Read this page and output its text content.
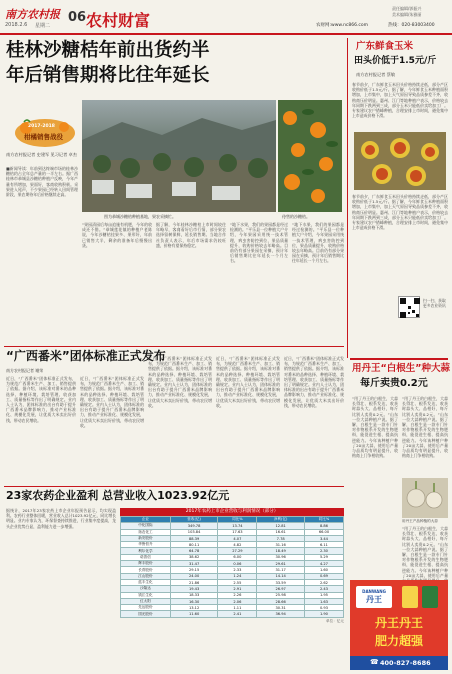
南方农村报
2018.2.6 星期二
06 农村财富
责任编辑/郭振兴
美术编辑/朱雅丽
农财网:www.nc866.com	热线：020-83003400
桂林沙糖桔年前出货约半
年后销售期将比往年延长
2017-2018
柑橘销售战役
图为恭城沙糖桔种植基地，果农采摘忙。	待售的沙糖桔。
南方农村报记者 史建军 见习记者 卓杰
■新闻导读：年前到达终端市场的桂林沙糖桔约占全年总产量的一半左右。据广西桂林市恭城县沙糖桔种植户反映，今年产量有所增加，果面好，客商收购积极。采果进入尾声，不少果园已经转入田间管理阶段，果农期待年后价格继续走高。
“果园清园后每亩追施有机肥，今年的收成还不错。”恭城莲花镇的种植户老陈说，今年沙糖桔挂果多、果形好，年前已销售大半，剩余的准备年后慢慢出货。
据了解，今年桂林沙糖桔上市时间较往年略早，客商看好后市行情，部分果农选择留树保鲜，延长销售期。当地合作社负责人表示，年后市场需求仍较旺盛，价格有望保持稳定。
“地下水果，我们的果园都是经过检测的。”平乐县一位种植大户介绍，今年果园采用统一技术管理，病虫害防控到位，果品质量提升，收购价格较去年略高。目前仍有部分果园在采摘，预计年后销售期比往年延长一个月左右。
“地下水果，我们的果园都是经过检测的。”平乐县一位种植大户介绍，今年果园采用统一技术管理，病虫害防控到位，果品质量提升，收购价格较去年略高。目前仍有部分果园在采摘，预计年后销售期比往年延长一个月左右。
广东鲜食玉米
田头价低于1.5元/斤
南方农村报记者 蔡敏
春节前夕，广东鲜食玉米田头价格持续走低，部分产区收购价低于1.5元/斤。据了解，今年鲜食玉米种植面积增加，上市集中，加上天气原因导致品质参差不齐，收购商压价明显。惠州、江门等地种植户表示，价格较去年同期下跌两到三成，部分玉米只能低价卖给加工厂。专家建议农户错峰种植，合理安排上市时间，避免集中上市造成价格下滑。
春节前夕，广东鲜食玉米田头价格持续走低，部分产区收购价低于1.5元/斤。据了解，今年鲜食玉米种植面积增加，上市集中，加上天气原因导致品质参差不齐，收购商压价明显。惠州、江门等地种植户表示，价格较去年同期下跌两到三成，部分玉米只能低价卖给加工厂。专家建议农户错峰种植，合理安排上市时间，避免集中上市造成价格下滑。
扫一扫，获取更多农业资讯
“广西番米”团体标准正式发布
南方农村报记者 谢荣
近日，“广西番米”团体标准正式发布，为规范广西番米生产、加工、销售提供了依据。据介绍，该标准对番米的品种选择、种植环境、栽培管理、收获加工、质量指标等作出了明确规定。业内人士认为，团体标准的出台有助于提升广西番米品牌影响力，推动产业标准化、规模化发展，让优质大米卖出好价钱，带动农民增收。
近日，“广西番米”团体标准正式发布，为规范广西番米生产、加工、销售提供了依据。据介绍，该标准对番米的品种选择、种植环境、栽培管理、收获加工、质量指标等作出了明确规定。业内人士认为，团体标准的出台有助于提升广西番米品牌影响力，推动产业标准化、规模化发展，让优质大米卖出好价钱，带动农民增收。
近日，“广西番米”团体标准正式发布，为规范广西番米生产、加工、销售提供了依据。据介绍，该标准对番米的品种选择、种植环境、栽培管理、收获加工、质量指标等作出了明确规定。业内人士认为，团体标准的出台有助于提升广西番米品牌影响力，推动产业标准化、规模化发展，让优质大米卖出好价钱，带动农民增收。
近日，“广西番米”团体标准正式发布，为规范广西番米生产、加工、销售提供了依据。据介绍，该标准对番米的品种选择、种植环境、栽培管理、收获加工、质量指标等作出了明确规定。业内人士认为，团体标准的出台有助于提升广西番米品牌影响力，推动产业标准化、规模化发展，让优质大米卖出好价钱，带动农民增收。
近日，“广西番米”团体标准正式发布，为规范广西番米生产、加工、销售提供了依据。据介绍，该标准对番米的品种选择、种植环境、栽培管理、收获加工、质量指标等作出了明确规定。业内人士认为，团体标准的出台有助于提升广西番米品牌影响力，推动产业标准化、规模化发展，让优质大米卖出好价钱，带动农民增收。
用丹王“白根生”种大蒜
每斤卖贵0.2元
“用了丹王的白根生，大蒜长得壮、根系发达，收获时蒜头大、品相好，每斤比别人卖贵0.2元。”山东一位大蒜种植户说。据了解，白根生是一款专门针对作物根系开发的生物肥料，能促进生根、提高抗逆能力。今年该种植户种了20亩大蒜，使用后产量与品质均有明显提升，收购商上门争相收购。
“用了丹王的白根生，大蒜长得壮、根系发达，收获时蒜头大、品相好，每斤比别人卖贵0.2元。”山东一位大蒜种植户说。据了解，白根生是一款专门针对作物根系开发的生物肥料，能促进生根、提高抗逆能力。今年该种植户种了20亩大蒜，使用后产量与品质均有明显提升，收购商上门争相收购。
用丹王产品种植的大蒜
“用了丹王的白根生，大蒜长得壮、根系发达，收获时蒜头大、品相好，每斤比别人卖贵0.2元。”山东一位大蒜种植户说。据了解，白根生是一款专门针对作物根系开发的生物肥料，能促进生根、提高抗逆能力。今年该种植户种了20亩大蒜，使用后产量
23家农药企业盈利 总营业收入1023.92亿元
据统计，2017年23家农药上市企业年报预告显示，均实现盈利。农药行业整体回暖，营业收入总计1023.92亿元，同比增长明显。业内专家认为，环保督查持续推进，行业集中度提高，龙头企业优势凸显，盈利能力进一步增强。
2017年农药上市企业营收与利润情况（部分）
企业	营收(亿)	同比%	净利(亿)	同比%
中化国际	349.78	13.74	12.81	8.86
扬农化工	103.84	17.63	16.61	66.00
新安股份	88.39	4.07	7.78	3.44
华鲁恒升	80.11	4.82	31.16	6.11
利尔化学	64.78	27.29	18.49	2.30
诺普信	38.62	6.00	30.96	5.29
辉丰股份	31.47	0.06	29.61	4.27
长青股份	29.15	2.33	31.17	1.60
江山股份	24.00	1.24	14.14	0.69
蓝丰生化	21.86	2.55	33.59	2.62
沙隆达	19.43	2.91	26.97	2.43
钱江生化	18.33	2.26	25.98	1.95
红太阳	16.30	2.06	28.66	1.63
先达股份	13.12	1.11	30.31	0.93
国光股份	11.60	2.41	36.94	1.90
单位：亿元
DANWANG
丹王
丹王丹王
肥力超强
☎ 400-827-8686
